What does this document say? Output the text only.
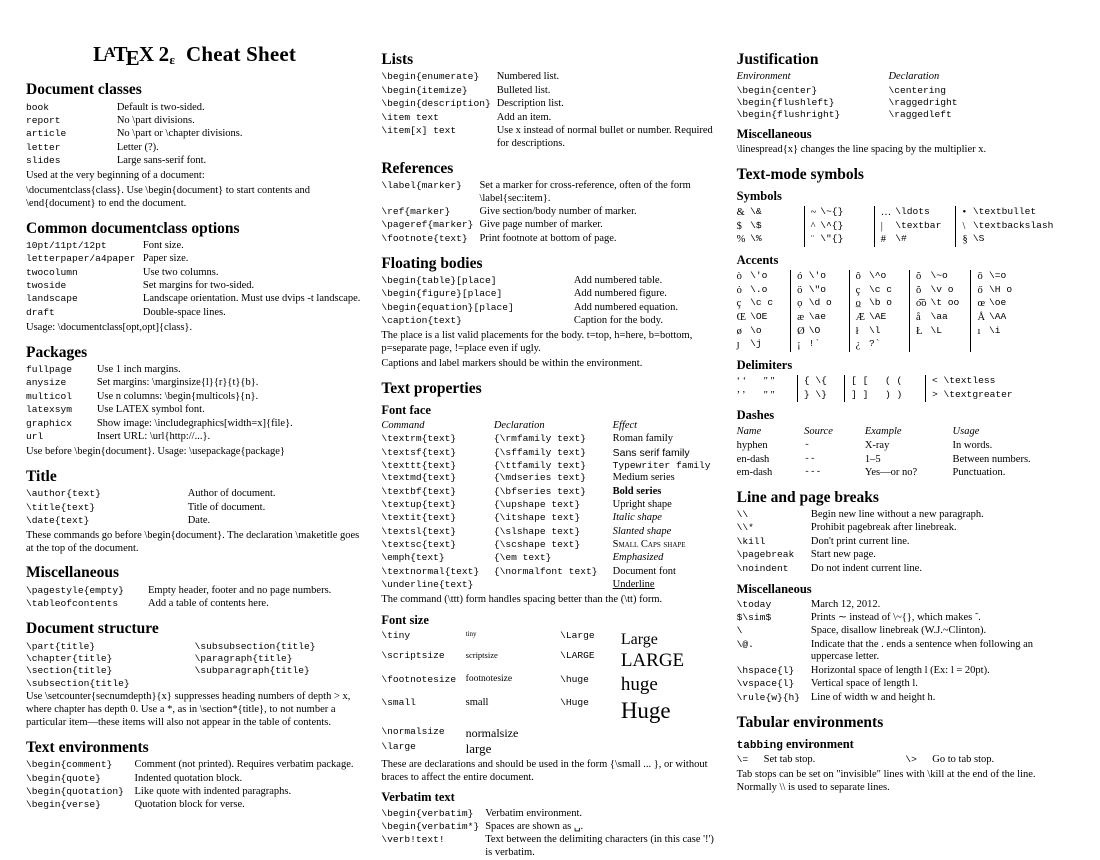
LATEX $2_\varepsilon$  Cheat Sheet
Document classes
book	Default is two-sided.
report	No \part divisions.
article	No \part or \chapter divisions.
letter	Letter (?).
slides	Large sans-serif font.

Used at the very beginning of a document:

\documentclass{class}. Use \begin{document} to start contents and \end{document} to end the document.

Common documentclass options
10pt/11pt/12pt	Font size.
letterpaper/a4paper	Paper size.
twocolumn	Use two columns.
twoside	Set margins for two-sided.
landscape	Landscape orientation. Must use dvips -t landscape.
draft	Double-space lines.

Usage: \documentclass[opt,opt]{class}.

Packages
fullpage	Use 1 inch margins.
anysize	Set margins: \marginsize{l}{r}{t}{b}.
multicol	Use n columns: \begin{multicols}{n}.
latexsym	Use LATEX symbol font.
graphicx	Show image: \includegraphics[width=x]{file}.
url	Insert URL: \url{http://...}.

Use before \begin{document}. Usage: \usepackage{package}

Title
\author{text}	Author of document.
\title{text}	Title of document.
\date{text}	Date.

These commands go before \begin{document}. The declaration \maketitle goes at the top of the document.

Miscellaneous
\pagestyle{empty}	Empty header, footer and no page numbers.
\tableofcontents	Add a table of contents here.
Document structure
\part{title}	\subsubsection{title}
\chapter{title}	\paragraph{title}
\section{title}	\subparagraph{title}
\subsection{title}	

Use \setcounter{secnumdepth}{x} suppresses heading numbers of depth > x, where chapter has depth 0. Use a *, as in \section*{title}, to not number a particular item—these items will also not appear in the table of contents.

Text environments
\begin{comment}	Comment (not printed). Requires verbatim package.
\begin{quote}	Indented quotation block.
\begin{quotation}	Like quote with indented paragraphs.
\begin{verse}	Quotation block for verse.
Lists
\begin{enumerate}	Numbered list.
\begin{itemize}	Bulleted list.
\begin{description}	Description list.
\item text	Add an item.
\item[x] text	Use x instead of normal bullet or number. Required for descriptions.
References
\label{marker}	Set a marker for cross-reference, often of the form \label{sec:item}.
\ref{marker}	Give section/body number of marker.
\pageref{marker}	Give page number of marker.
\footnote{text}	Print footnote at bottom of page.
Floating bodies
\begin{table}[place]	Add numbered table.
\begin{figure}[place]	Add numbered figure.
\begin{equation}[place]	Add numbered equation.
\caption{text}	Caption for the body.

The place is a list valid placements for the body. t=top, h=here, b=bottom, p=separate page, !=place even if ugly.

Captions and label markers should be within the environment.

Text properties
Font face
Command	Declaration	Effect
\textrm{text}	{\rmfamily text}	Roman family
\textsf{text}	{\sffamily text}	Sans serif family
\texttt{text}	{\ttfamily text}	Typewriter family
\textmd{text}	{\mdseries text}	Medium series
\textbf{text}	{\bfseries text}	Bold series
\textup{text}	{\upshape text}	Upright shape
\textit{text}	{\itshape text}	Italic shape
\textsl{text}	{\slshape text}	Slanted shape
\textsc{text}	{\scshape text}	Small Caps shape
\emph{text}	{\em text}	Emphasized
\textnormal{text}	{\normalfont text}	Document font
\underline{text}		Underline

The command (\ttt) form handles spacing better than the (\tt) form.

Font size
\tiny	tiny	\Large	Large
\scriptsize	scriptsize	\LARGE	LARGE
\footnotesize	footnotesize	\huge	huge
\small	small	\Huge	Huge
\normalsize	normalsize		
\large	large		

These are declarations and should be used in the form {\small ... }, or without braces to affect the entire document.

Verbatim text
\begin{verbatim}	Verbatim environment.
\begin{verbatim*}	Spaces are shown as ␣.
\verb!text!	Text between the delimiting characters (in this case '!') is verbatim.
Justification
Environment	Declaration
\begin{center}	\centering
\begin{flushleft}	\raggedright
\begin{flushright}	\raggedleft
Miscellaneous

\linespread{x} changes the line spacing by the multiplier x.

Text-mode symbols
Symbols
&	\&	~	\~{}	…	\ldots	•	\textbullet
$	\$	^	\^{}	|	\textbar	\	\textbackslash
%	\%	¨	\"{}	#	\#	§	\S
Accents
ò	\'o	ó	\'o	ô	\^o	õ	\~o	ō	\=o
ȯ	\.o	ö	\"o	ç	\c c	ŏ	\v o	ő	\H o
ç	\c c	ọ	\d o	o̲	\b o	o͡o	\t oo	œ	\oe
Œ	\OE	æ	\ae	Æ	\AE	å	\aa	Å	\AA
ø	\o	Ø	\O	ł	\l	Ł	\L	ı	\i
ȷ	\j	¡	!`	¿	?`				
Delimiters
‘ ‘	" "	{ \{	[ [	( (	< \textless
’ ’	" "	} \}	] ]	) )	> \textgreater
Dashes
Name	Source	Example	Usage
hyphen	-	X-ray	In words.
en-dash	--	1–5	Between numbers.
em-dash	---	Yes—or no?	Punctuation.
Line and page breaks
\\	Begin new line without a new paragraph.
\\*	Prohibit pagebreak after linebreak.
\kill	Don't print current line.
\pagebreak	Start new page.
\noindent	Do not indent current line.
Miscellaneous
\today	March 12, 2012.
$\sim$	Prints ∼ instead of \~{}, which makes ˜.
\	Space, disallow linebreak (W.J.~Clinton).
\@.	Indicate that the . ends a sentence when following an uppercase letter.
\hspace{l}	Horizontal space of length l (Ex: l = 20pt).
\vspace{l}	Vertical space of length l.
\rule{w}{h}	Line of width w and height h.
Tabular environments
tabbing environment
\=	Set tab stop.	\>	Go to tab stop.

Tab stops can be set on "invisible" lines with \kill at the end of the line. Normally \\ is used to separate lines.
